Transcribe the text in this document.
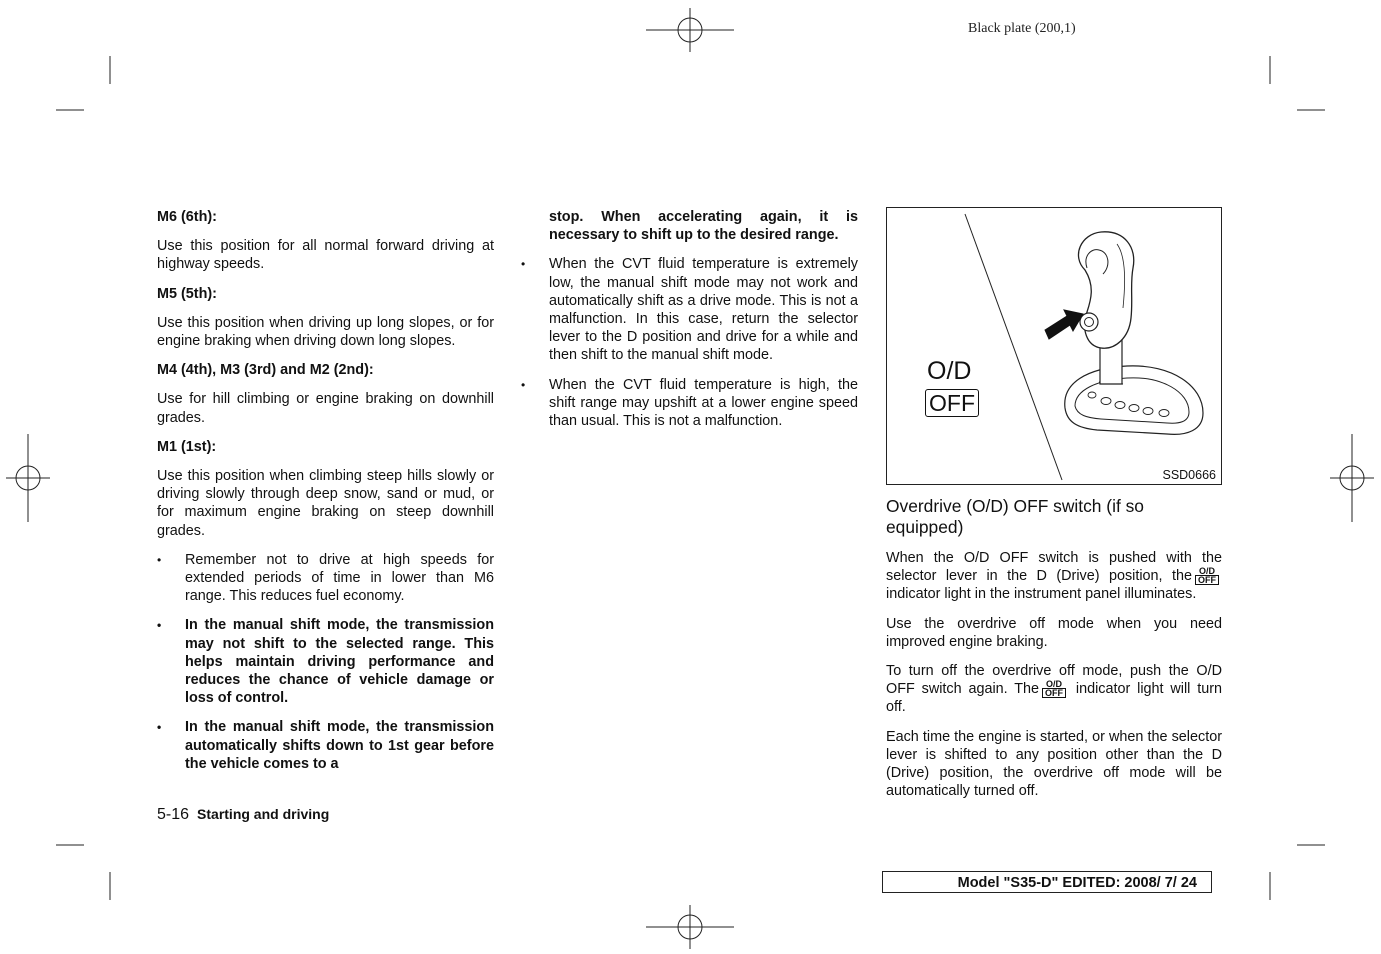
Black plate (200,1)
M6 (6th):

Use this position for all normal forward driving at highway speeds.

M5 (5th):

Use this position when driving up long slopes, or for engine braking when driving down long slopes.

M4 (4th), M3 (3rd) and M2 (2nd):

Use for hill climbing or engine braking on downhill grades.

M1 (1st):

Use this position when climbing steep hills slowly or driving slowly through deep snow, sand or mud, or for maximum engine braking on steep downhill grades.

• Remember not to drive at high speeds for extended periods of time in lower than M6 range. This reduces fuel economy.
• In the manual shift mode, the transmission may not shift to the selected range. This helps maintain driving performance and reduces the chance of vehicle damage or loss of control.
• In the manual shift mode, the transmission automatically shifts down to 1st gear before the vehicle comes to a
stop. When accelerating again, it is necessary to shift up to the desired range.
• When the CVT fluid temperature is extremely low, the manual shift mode may not work and automatically shift as a drive mode. This is not a malfunction. In this case, return the selector lever to the D position and drive for a while and then shift to the manual shift mode.
• When the CVT fluid temperature is high, the shift range may upshift at a lower engine speed than usual. This is not a malfunction.
O/D
OFF
SSD0666

Overdrive (O/D) OFF switch (if so equipped)

When the O/D OFF switch is pushed with the selector lever in the D (Drive) position, the O/D
OFF
indicator light in the instrument panel illuminates.

Use the overdrive off mode when you need improved engine braking.

To turn off the overdrive off mode, push the O/D OFF switch again. The O/D
OFF indicator light will turn off.

Each time the engine is started, or when the selector lever is shifted to any position other than the D (Drive) position, the overdrive off mode will be automatically turned off.

5-16 Starting and driving
Model "S35-D" EDITED: 2008/ 7/ 24
